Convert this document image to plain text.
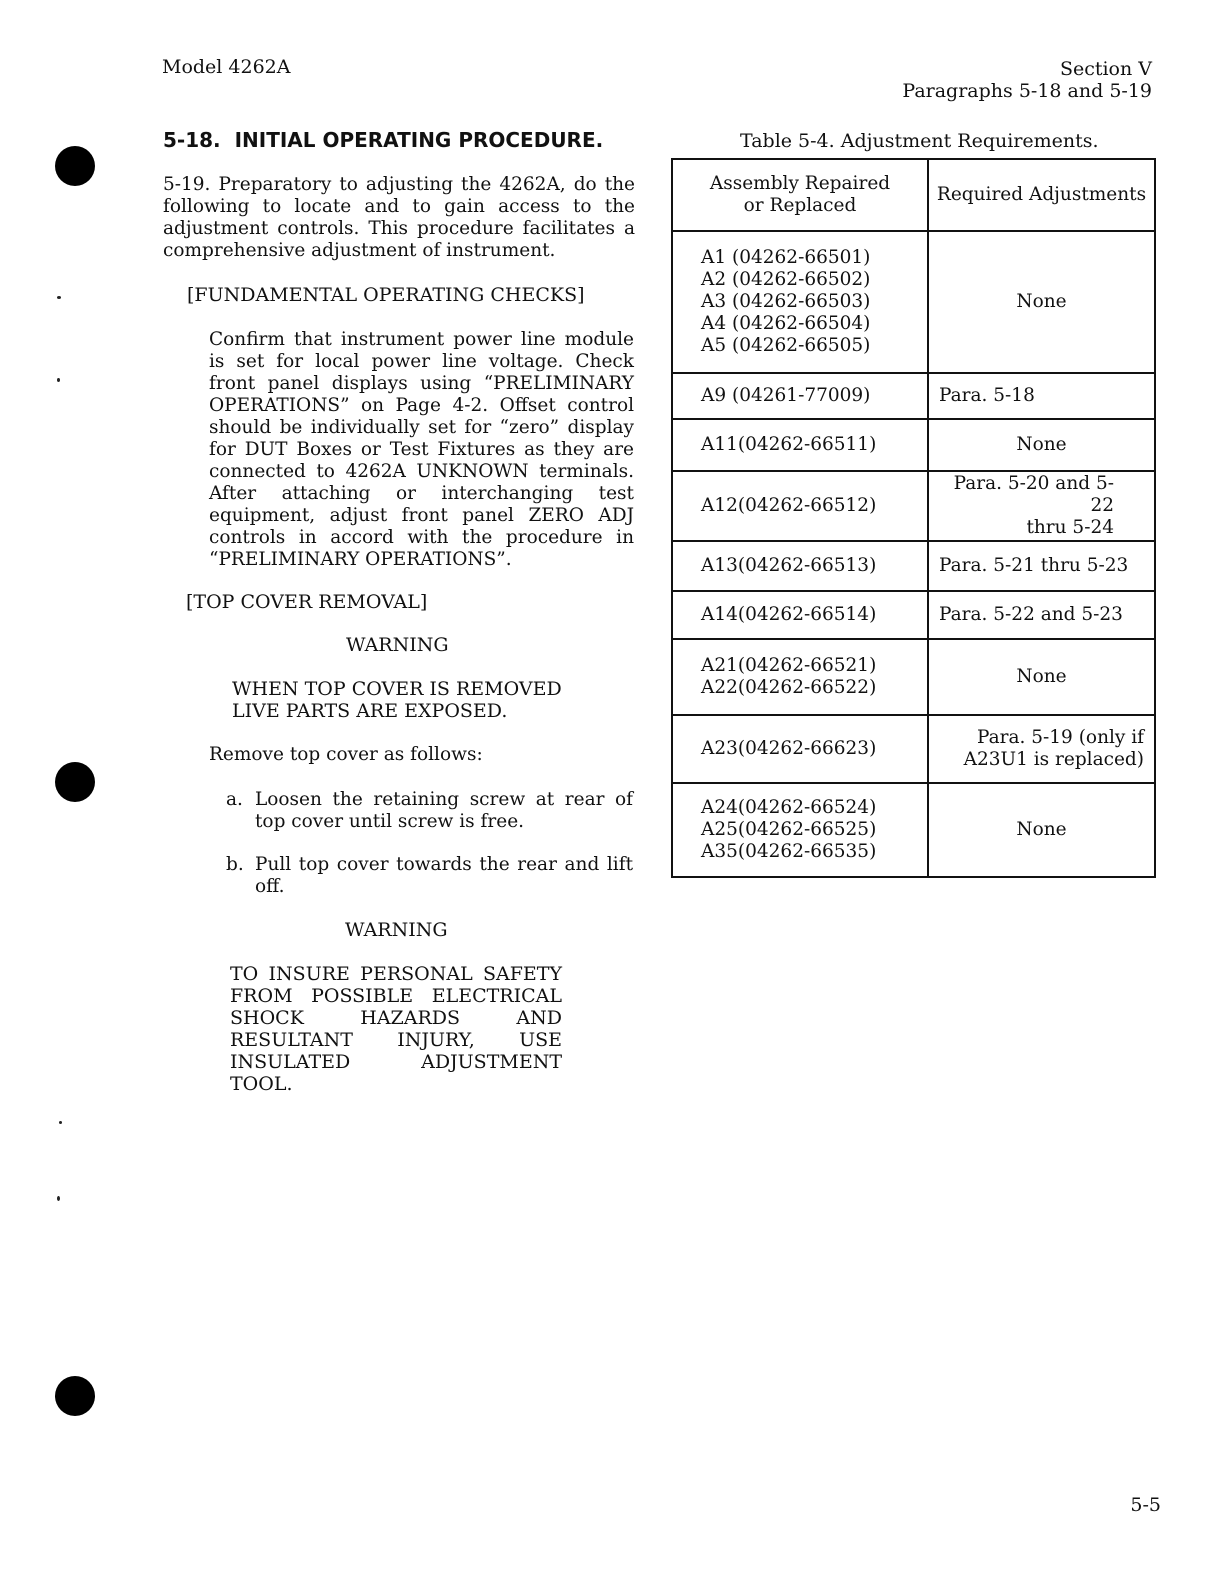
Model 4262A	Section V
Paragraphs 5-18 and 5-19
5-18.  INITIAL OPERATING PROCEDURE.
5-19. Preparatory to adjusting the 4262A, do the following to locate and to gain access to the adjustment controls. This procedure facilitates a comprehensive adjustment of instrument.
[FUNDAMENTAL OPERATING CHECKS]
Confirm that instrument power line module is set for local power line voltage. Check front panel displays using “PRELIMINARY OPERATIONS” on Page 4-2. Offset control should be individually set for “zero” display for DUT Boxes or Test Fixtures as they are connected to 4262A UNKNOWN terminals. After attaching or interchanging test equipment, adjust front panel ZERO ADJ controls in accord with the procedure in “PRELIMINARY OPERATIONS”.
[TOP COVER REMOVAL]
WARNING
WHEN TOP COVER IS REMOVED
LIVE PARTS ARE EXPOSED.
Remove top cover as follows:
a. Loosen the retaining screw at rear of top cover until screw is free.
b. Pull top cover towards the rear and lift off.
WARNING
TO INSURE PERSONAL SAFETY FROM POSSIBLE ELECTRICAL SHOCK HAZARDS AND RESULTANT INJURY, USE INSULATED ADJUSTMENT TOOL.
Table 5-4. Adjustment Requirements.
Assembly Repaired
or Replaced	Required Adjustments
A1 (04262-66501)
A2 (04262-66502)
A3 (04262-66503)
A4 (04262-66504)
A5 (04262-66505)	None
A9 (04261-77009)	Para. 5-18
A11(04262-66511)	None
A12(04262-66512)	Para. 5-20 and 5-22
thru 5-24
A13(04262-66513)	Para. 5-21 thru 5-23
A14(04262-66514)	Para. 5-22 and 5-23
A21(04262-66521)
A22(04262-66522)	None
A23(04262-66623)	Para. 5-19 (only if
A23U1 is replaced)
A24(04262-66524)
A25(04262-66525)
A35(04262-66535)	None
5-5
